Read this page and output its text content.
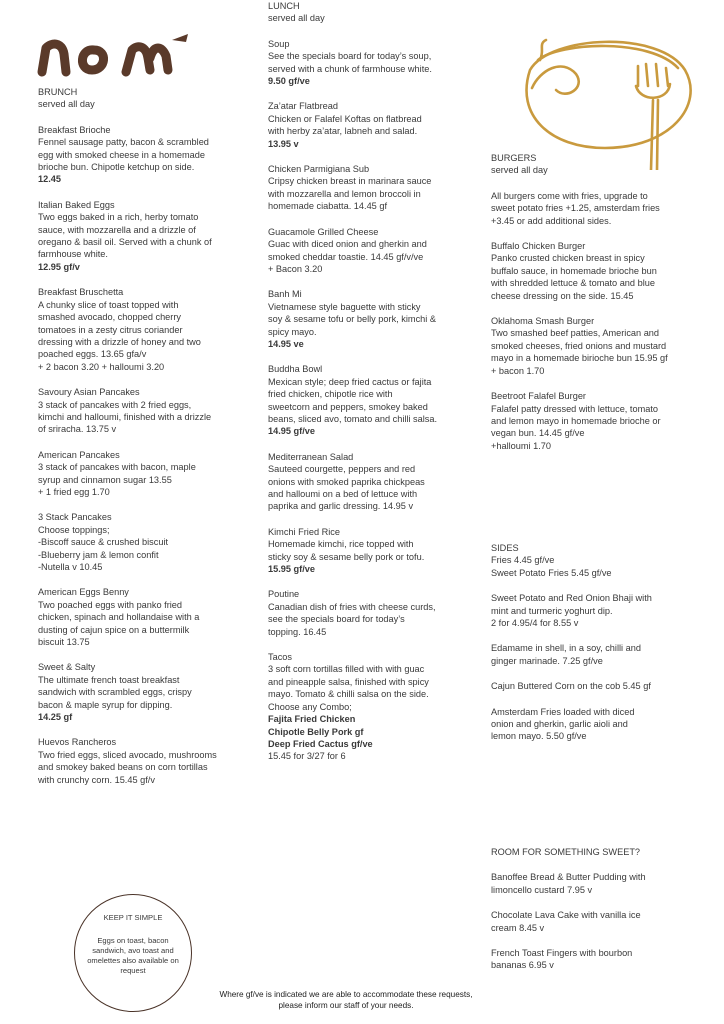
BRUNCH
served all day
Breakfast Brioche
Fennel sausage patty, bacon & scrambled
egg with smoked cheese in a homemade
brioche bun. Chipotle ketchup on side.
12.45
Italian Baked Eggs
Two eggs baked in a rich, herby tomato
sauce, with mozzarella and a drizzle of
oregano & basil oil. Served with a chunk of
farmhouse white.
12.95 gf/v
Breakfast Bruschetta
A chunky slice of toast topped with
smashed avocado, chopped cherry
tomatoes in a zesty citrus coriander
dressing with a drizzle of honey and two
poached eggs. 13.65 gfa/v
+ 2 bacon 3.20 + halloumi 3.20
Savoury Asian Pancakes
3 stack of pancakes with 2 fried eggs,
kimchi and halloumi, finished with a drizzle
of sriracha. 13.75 v
American Pancakes
3 stack of pancakes with bacon, maple
syrup and cinnamon sugar 13.55
+ 1 fried egg 1.70
3 Stack Pancakes
Choose toppings;
-Biscoff sauce & crushed biscuit
-Blueberry jam & lemon confit
-Nutella v 10.45
American Eggs Benny
Two poached eggs with panko fried
chicken, spinach and hollandaise with a
dusting of cajun spice on a buttermilk
biscuit 13.75
Sweet & Salty
The ultimate french toast breakfast
sandwich with scrambled eggs, crispy
bacon & maple syrup for dipping.
14.25 gf
Huevos Rancheros
Two fried eggs, sliced avocado, mushrooms
and smokey baked beans on corn tortillas
with crunchy corn. 15.45 gf/v
LUNCH
served all day
Soup
See the specials board for today’s soup,
served with a chunk of farmhouse white.
9.50 gf/ve
Za’atar Flatbread
Chicken or Falafel Koftas on flatbread
with herby za’atar, labneh and salad.
13.95 v
Chicken Parmigiana Sub
Cripsy chicken breast in marinara sauce
with mozzarella and lemon broccoli in
homemade ciabatta. 14.45 gf
Guacamole Grilled Cheese
Guac with diced onion and gherkin and
smoked cheddar toastie. 14.45 gf/v/ve
+ Bacon 3.20
Banh Mi
Vietnamese style baguette with sticky
soy & sesame tofu or belly pork, kimchi &
spicy mayo.
14.95 ve
Buddha Bowl
Mexican style; deep fried cactus or fajita
fried chicken, chipotle rice with
sweetcorn and peppers, smokey baked
beans, sliced avo, tomato and chilli salsa.
14.95 gf/ve
Mediterranean Salad
Sauteed courgette, peppers and red
onions with smoked paprika chickpeas
and halloumi on a bed of lettuce with
paprika and garlic dressing. 14.95 v
Kimchi Fried Rice
Homemade kimchi, rice topped with
sticky soy & sesame belly pork or tofu.
15.95 gf/ve
Poutine
Canadian dish of fries with cheese curds,
see the specials board for today’s
topping. 16.45
Tacos
3 soft corn tortillas filled with with guac
and pineapple salsa, finished with spicy
mayo. Tomato & chilli salsa on the side.
Choose any Combo;
Fajita Fried Chicken
Chipotle Belly Pork gf
Deep Fried Cactus gf/ve
15.45 for 3/27 for 6
BURGERS
served all day
All burgers come with fries, upgrade to
sweet potato fries +1.25, amsterdam fries
+3.45 or add additional sides.
Buffalo Chicken Burger
Panko crusted chicken breast in spicy
buffalo sauce, in homemade brioche bun
with shredded lettuce & tomato and blue
cheese dressing on the side. 15.45
Oklahoma Smash Burger
Two smashed beef patties, American and
smoked cheeses, fried onions and mustard
mayo in a homemade birioche bun 15.95 gf
+ bacon 1.70
Beetroot Falafel Burger
Falafel patty dressed with lettuce, tomato
and lemon mayo in homemade brioche or
vegan bun. 14.45 gf/ve
+halloumi 1.70
SIDES
Fries 4.45 gf/ve
Sweet Potato Fries 5.45 gf/ve
Sweet Potato and Red Onion Bhaji with
mint and turmeric yoghurt dip.
2 for 4.95/4 for 8.55 v
Edamame in shell, in a soy, chilli and
ginger marinade. 7.25 gf/ve
Cajun Buttered Corn on the cob 5.45 gf
Amsterdam Fries loaded with diced
onion and gherkin, garlic aioli and
lemon mayo. 5.50 gf/ve
ROOM FOR SOMETHING SWEET?
Banoffee Bread & Butter Pudding with
limoncello custard 7.95 v
Chocolate Lava Cake with vanilla ice
cream 8.45 v
French Toast Fingers with bourbon
bananas 6.95 v
KEEP IT SIMPLE
Eggs on toast, bacon sandwich, avo toast and omelettes also available on request
Where gf/ve is indicated we are able to accommodate these requests, please inform our staff of your needs.
